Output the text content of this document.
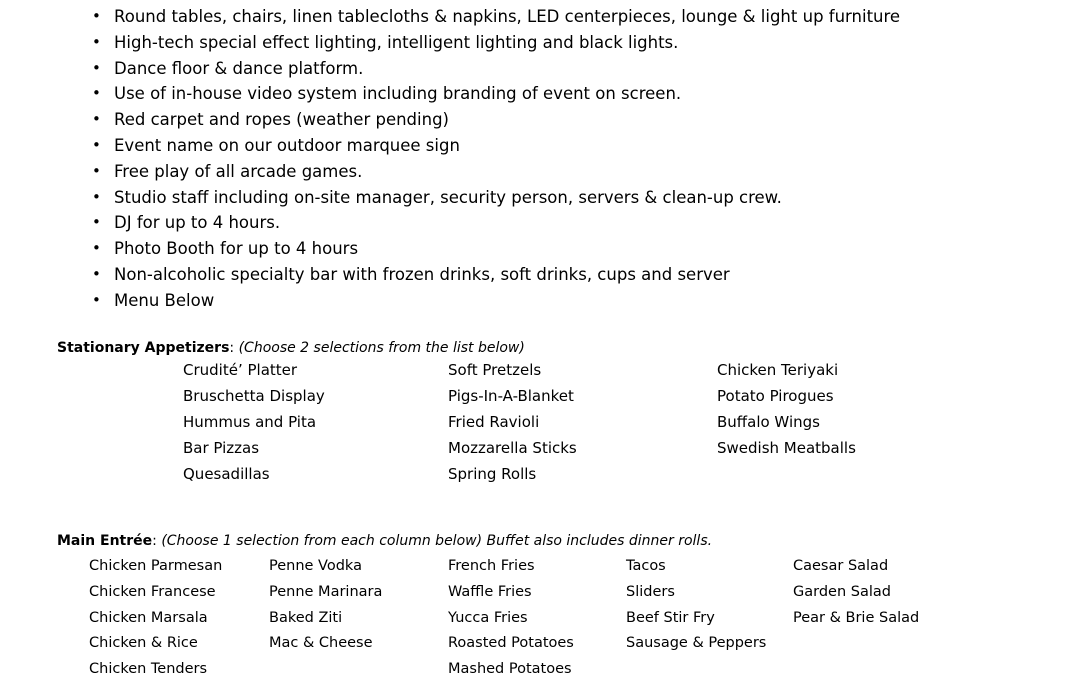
• Round tables, chairs, linen tablecloths & napkins, LED centerpieces, lounge & light up furniture
• High-tech special effect lighting, intelligent lighting and black lights.
• Dance floor & dance platform.
• Use of in-house video system including branding of event on screen.
• Red carpet and ropes (weather pending)
• Event name on our outdoor marquee sign
• Free play of all arcade games.
• Studio staff including on-site manager, security person, servers & clean-up crew.
• DJ for up to 4 hours.
• Photo Booth for up to 4 hours
• Non-alcoholic specialty bar with frozen drinks, soft drinks, cups and server
• Menu Below
Stationary Appetizers: (Choose 2 selections from the list below)
Crudité’ Platter
Bruschetta Display
Hummus and Pita
Bar Pizzas
Quesadillas
Soft Pretzels
Pigs-In-A-Blanket
Fried Ravioli
Mozzarella Sticks
Spring Rolls
Chicken Teriyaki
Potato Pirogues
Buffalo Wings
Swedish Meatballs
Main Entrée: (Choose 1 selection from each column below) Buffet also includes dinner rolls.
Chicken Parmesan
Chicken Francese
Chicken Marsala
Chicken & Rice
Chicken Tenders
Penne Vodka
Penne Marinara
Baked Ziti
Mac & Cheese
French Fries
Waffle Fries
Yucca Fries
Roasted Potatoes
Mashed Potatoes
Tacos
Sliders
Beef Stir Fry
Sausage & Peppers
Caesar Salad
Garden Salad
Pear & Brie Salad
